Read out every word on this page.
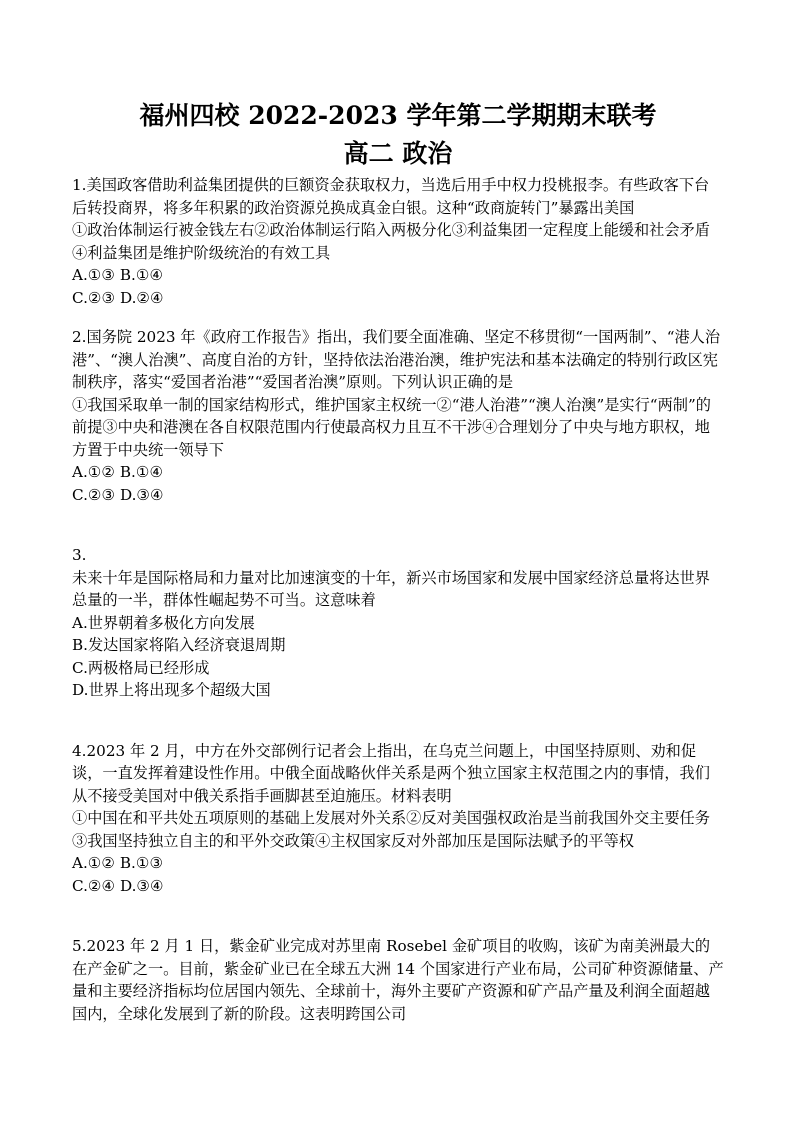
福州四校 2022-2023 学年第二学期期末联考
高二 政治
1.美国政客借助利益集团提供的巨额资金获取权力，当选后用手中权力投桃报李。有些政客下台后转投商界，将多年积累的政治资源兑换成真金白银。这种“政商旋转门”暴露出美国
①政治体制运行被金钱左右②政治体制运行陷入两极分化③利益集团一定程度上能缓和社会矛盾④利益集团是维护阶级统治的有效工具
A.①③ B.①④
C.②③ D.②④
2.国务院 2023 年《政府工作报告》指出，我们要全面准确、坚定不移贯彻“一国两制”、“港人治港”、“澳人治澳”、高度自治的方针，坚持依法治港治澳，维护宪法和基本法确定的特别行政区宪制秩序，落实“爱国者治港”“爱国者治澳”原则。下列认识正确的是
①我国采取单一制的国家结构形式，维护国家主权统一②“港人治港”“澳人治澳”是实行“两制”的前提③中央和港澳在各自权限范围内行使最高权力且互不干涉④合理划分了中央与地方职权，地方置于中央统一领导下
A.①② B.①④
C.②③ D.③④
3.
未来十年是国际格局和力量对比加速演变的十年，新兴市场国家和发展中国家经济总量将达世界总量的一半，群体性崛起势不可当。这意味着
A.世界朝着多极化方向发展
B.发达国家将陷入经济衰退周期
C.两极格局已经形成
D.世界上将出现多个超级大国
4.2023 年 2 月，中方在外交部例行记者会上指出，在乌克兰问题上，中国坚持原则、劝和促谈，一直发挥着建设性作用。中俄全面战略伙伴关系是两个独立国家主权范围之内的事情，我们从不接受美国对中俄关系指手画脚甚至迫施压。材料表明
①中国在和平共处五项原则的基础上发展对外关系②反对美国强权政治是当前我国外交主要任务③我国坚持独立自主的和平外交政策④主权国家反对外部加压是国际法赋予的平等权
A.①② B.①③
C.②④ D.③④
5.2023 年 2 月 1 日，紫金矿业完成对苏里南 Rosebel 金矿项目的收购，该矿为南美洲最大的在产金矿之一。目前，紫金矿业已在全球五大洲 14 个国家进行产业布局，公司矿种资源储量、产量和主要经济指标均位居国内领先、全球前十，海外主要矿产资源和矿产品产量及利润全面超越国内，全球化发展到了新的阶段。这表明跨国公司
